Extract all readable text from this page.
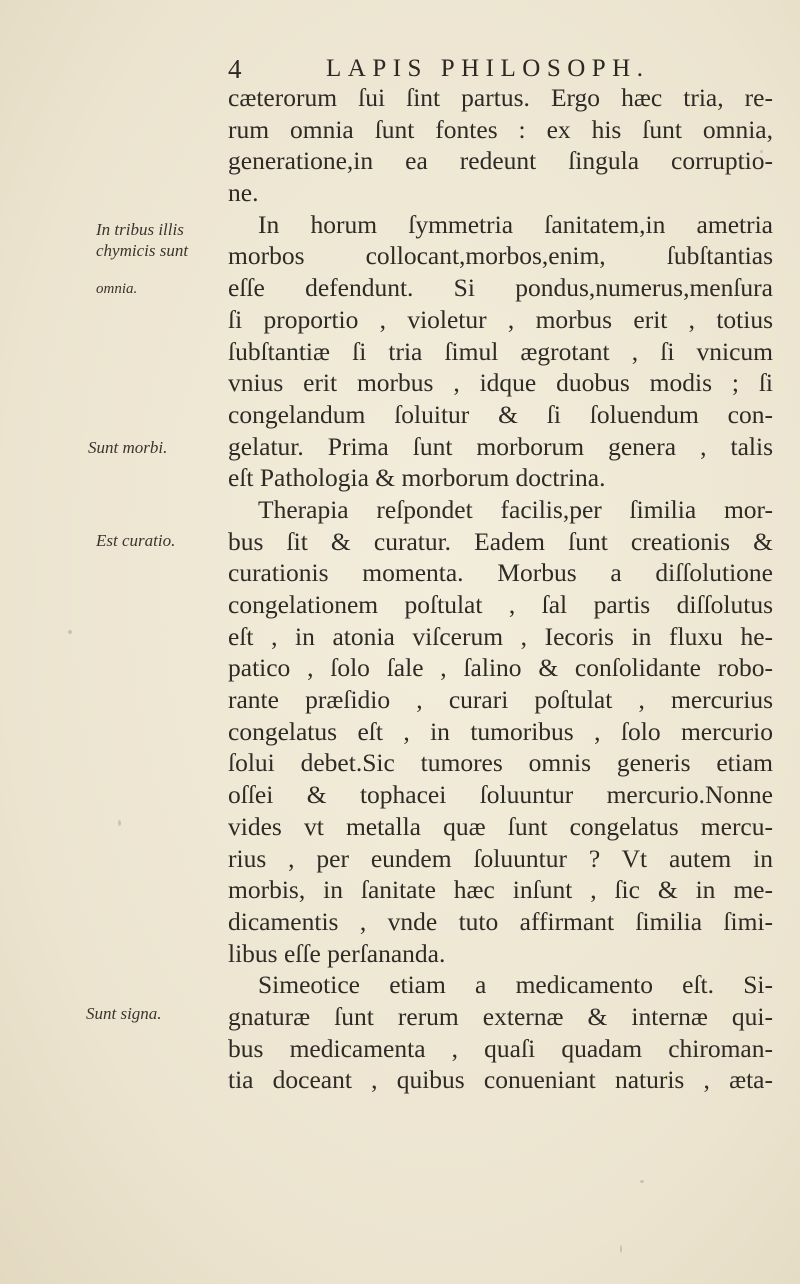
4	LAPIS PHILOSOPH.
In tribus illis
chymicis sunt
omnia.
Sunt morbi.
Est curatio.
Sunt signa.
cæterorum ſui ſint partus. Ergo hæc tria, re-
rum omnia ſunt fontes : ex his ſunt omnia,
generatione,in ea redeunt ſingula corruptio-
ne.
In horum ſymmetria ſanitatem,in ametria
morbos collocant,morbos,enim, ſubſtantias
eſſe defendunt. Si pondus,numerus,menſura
ſi proportio , violetur , morbus erit , totius
ſubſtantiæ ſi tria ſimul ægrotant , ſi vnicum
vnius erit morbus , idque duobus modis ; ſi
congelandum ſoluitur & ſi ſoluendum con-
gelatur. Prima ſunt morborum genera , talis
eſt Pathologia & morborum doctrina.
Therapia reſpondet facilis,per ſimilia mor-
bus ſit & curatur. Eadem ſunt creationis &
curationis momenta. Morbus a diſſolutione
congelationem poſtulat , ſal partis diſſolutus
eſt , in atonia viſcerum , Iecoris in fluxu he-
patico , ſolo ſale , ſalino & conſolidante robo-
rante præſidio , curari poſtulat , mercurius
congelatus eſt , in tumoribus , ſolo mercurio
ſolui debet.Sic tumores omnis generis etiam
oſſei & tophacei ſoluuntur mercurio.Nonne
vides vt metalla quæ ſunt congelatus mercu-
rius , per eundem ſoluuntur ? Vt autem in
morbis, in ſanitate hæc inſunt , ſic & in me-
dicamentis , vnde tuto affirmant ſimilia ſimi-
libus eſſe perſananda.
Simeotice etiam a medicamento eſt. Si-
gnaturæ ſunt rerum externæ & internæ qui-
bus medicamenta , quaſi quadam chiroman-
tia doceant , quibus conueniant naturis , æta-
